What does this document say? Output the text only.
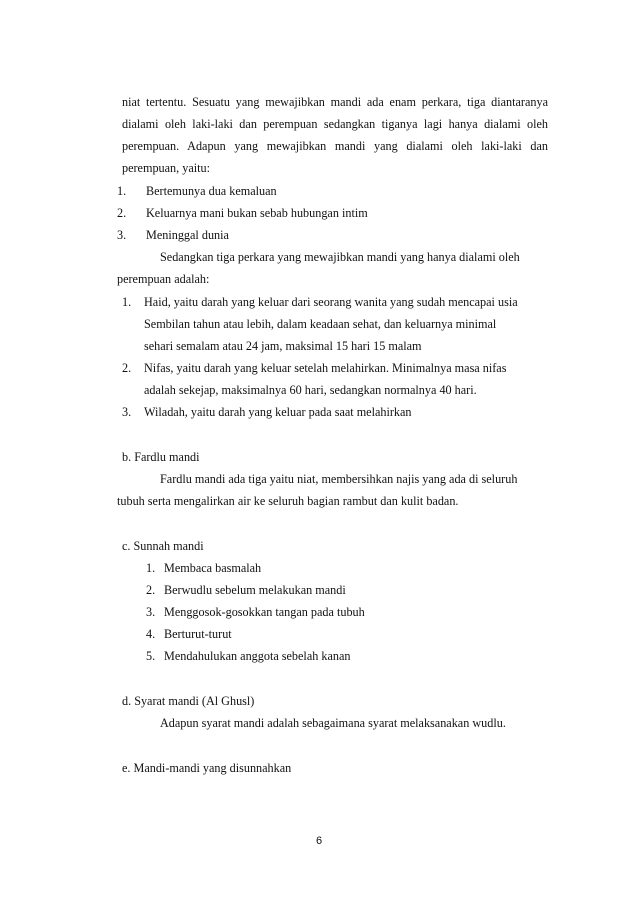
niat tertentu. Sesuatu yang mewajibkan mandi ada enam perkara, tiga diantaranya
dialami oleh laki-laki dan perempuan sedangkan tiganya lagi hanya dialami oleh
perempuan. Adapun yang mewajibkan mandi yang dialami oleh laki-laki dan
perempuan, yaitu:
1. Bertemunya dua kemaluan
2. Keluarnya mani bukan sebab hubungan intim
3. Meninggal dunia
Sedangkan tiga perkara yang mewajibkan mandi yang hanya dialami oleh
perempuan adalah:
1. Haid, yaitu darah yang keluar dari seorang wanita yang sudah mencapai usia
Sembilan tahun atau lebih, dalam keadaan sehat, dan keluarnya minimal
sehari semalam atau 24 jam, maksimal 15 hari 15 malam
2. Nifas, yaitu darah yang keluar setelah melahirkan. Minimalnya masa nifas
adalah sekejap, maksimalnya 60 hari, sedangkan normalnya 40 hari.
3. Wiladah, yaitu darah yang keluar pada saat melahirkan
b. Fardlu mandi
Fardlu mandi ada tiga yaitu niat, membersihkan najis yang ada di seluruh
tubuh serta mengalirkan air ke seluruh bagian rambut dan kulit badan.
c. Sunnah mandi
1. Membaca basmalah
2. Berwudlu sebelum melakukan mandi
3. Menggosok-gosokkan tangan pada tubuh
4. Berturut-turut
5. Mendahulukan anggota sebelah kanan
d. Syarat mandi (Al Ghusl)
Adapun syarat mandi adalah sebagaimana syarat melaksanakan wudlu.
e. Mandi-mandi yang disunnahkan
6
